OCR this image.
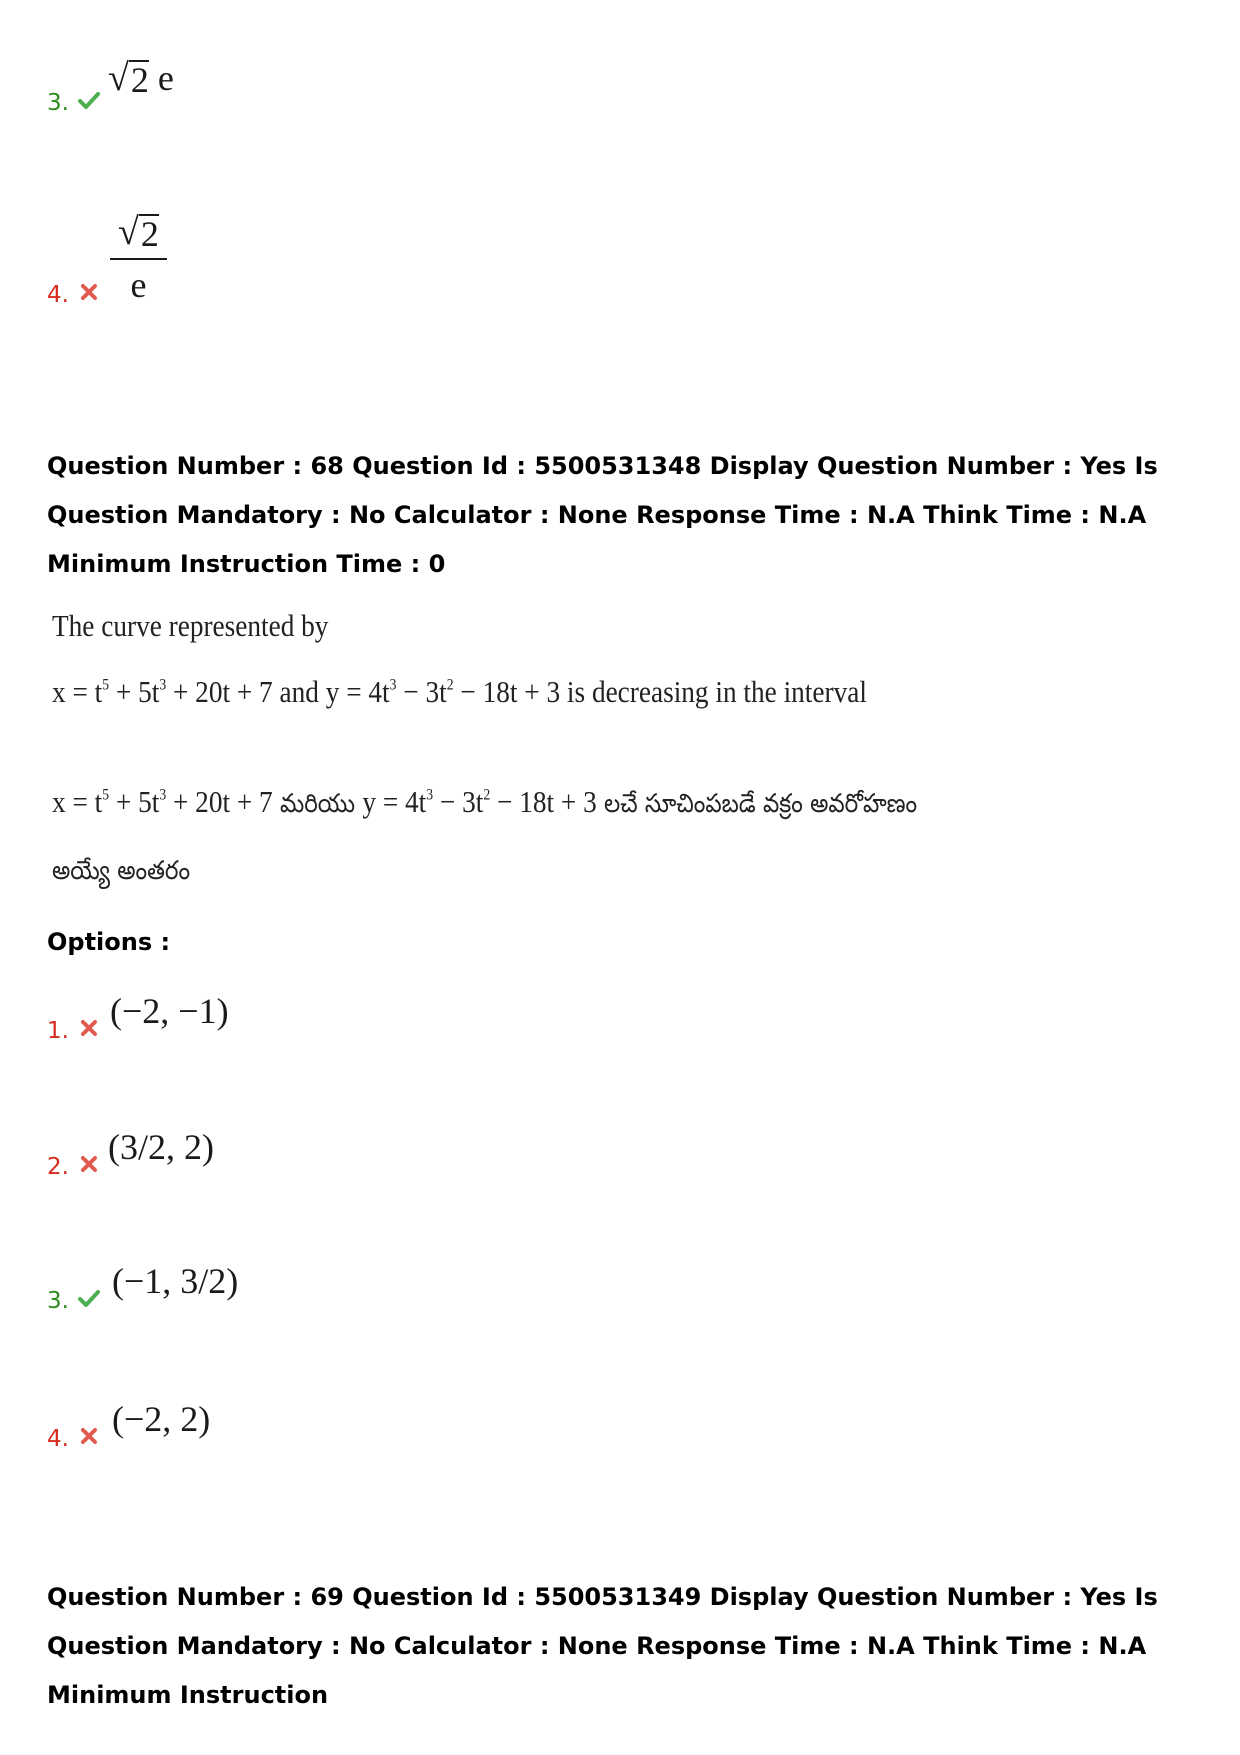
3.
√ 2 e
4. $\frac{√ 2}{e}$
Question Number : 68 Question Id : 5500531348 Display Question Number : Yes Is Question Mandatory : No Calculator : None Response Time : N.A Think Time : N.A Minimum Instruction Time : 0
The curve represented by
$x = t^5 + 5t^3 + 20t + 7$ and $y = 4t^3 - 3t^2 - 18t + 3$ is decreasing in the interval
$x = t^5 + 5t^3 + 20t + 7$ మరియు $y = 4t^3 - 3t^2 - 18t + 3$ లచే సూచింపబడే వక్రం అవరోహణం
అయ్యే అంతరం
Options :
1. (−2, −1)
2. (3/2, 2)
3. (−1, 3/2)
4. (−2, 2)
Question Number : 69 Question Id : 5500531349 Display Question Number : Yes Is Question Mandatory : No Calculator : None Response Time : N.A Think Time : N.A Minimum Instruction
